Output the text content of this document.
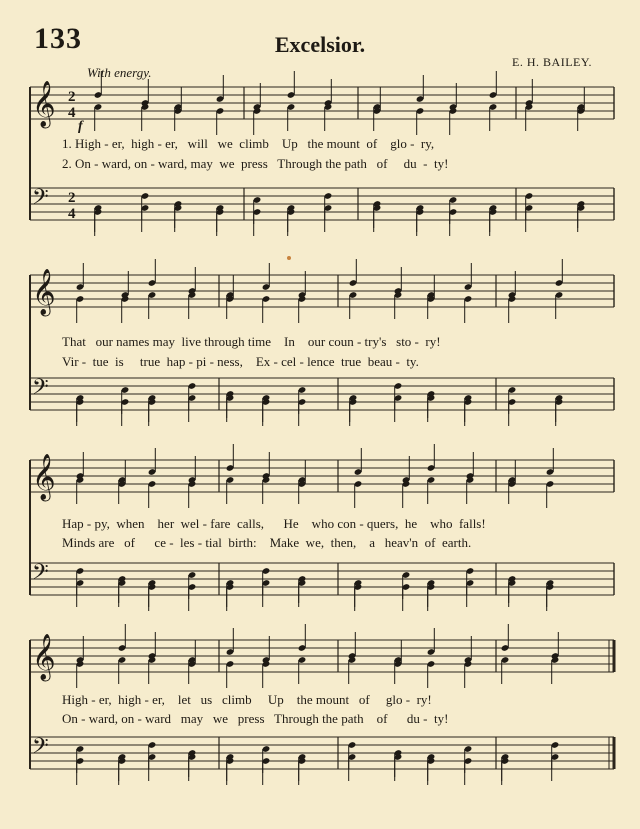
133	Excelsior.
E. H. BAILEY.
With energy.
𝄞 2
4
𝄢 2
4
𝄞
𝄢
𝄞
𝄢
𝄞
𝄢
f
1. High - er,  high - er,   will   we  climb    Up   the mount  of    glo -  ry,
2. On - ward, on - ward, may  we  press   Through the path   of     du  -  ty!
That   our names may  live through time    In    our coun - try's   sto -  ry!
Vir -  tue  is     true  hap - pi - ness,    Ex - cel - lence  true  beau -  ty.
Hap - py,  when    her  wel - fare  calls,      He    who con - quers,  he    who  falls!
Minds are   of      ce -  les - tial  birth:    Make  we,  then,    a   heav'n  of  earth.
High - er,  high - er,    let   us   climb     Up    the mount   of     glo -  ry!
On - ward, on - ward   may   we   press   Through the path    of      du -  ty!
